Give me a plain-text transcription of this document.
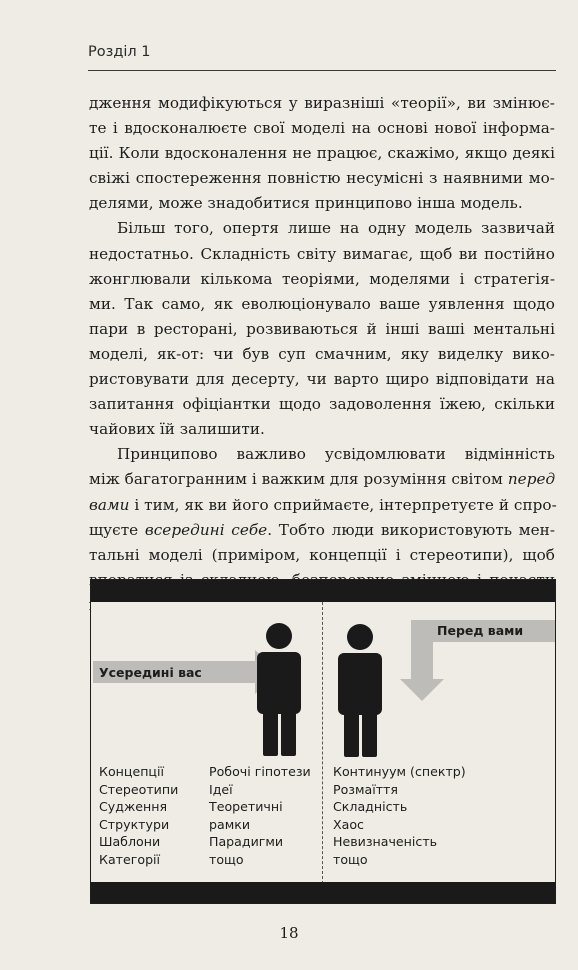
Розділ 1

дження модифікуються у виразніші «теорії», ви змінює-
те і вдосконалюєте свої моделі на основі нової інформа-
ції. Коли вдосконалення не працює, скажімо, якщо деякі
свіжі спостереження повністю несумісні з наявними мо-
делями, може знадобитися принципово інша модель.

Більш того, опертя лише на одну модель зазвичай
недостатньо. Складність світу вимагає, щоб ви постійно
жонглювали кількома теоріями, моделями і стратегія-
ми. Так само, як еволюціонувало ваше уявлення щодо
пари в ресторані, розвиваються й інші ваші ментальні
моделі, як-от: чи був суп смачним, яку виделку вико-
ристовувати для десерту, чи варто щиро відповідати на
запитання офіціантки щодо задоволення їжею, скільки
чайових їй залишити.

Принципово важливо усвідомлювати відмінність
між багатогранним і важким для розуміння світом перед
вами і тим, як ви його сприймаєте, інтерпретуєте й спро-
щуєте всередині себе. Тобто люди використовують мен-
тальні моделі (приміром, концепції і стереотипи), щоб

Усередині вас
Перед вами
Концепції
Стереотипи
Судження
Структури
Шаблони
Категорії
Робочі гіпотези
Ідеї
Теоретичні
рамки
Парадигми
тощо
Континуум (спектр)
Розмаїття
Складність
Хаос
Невизначеність
тощо
18
